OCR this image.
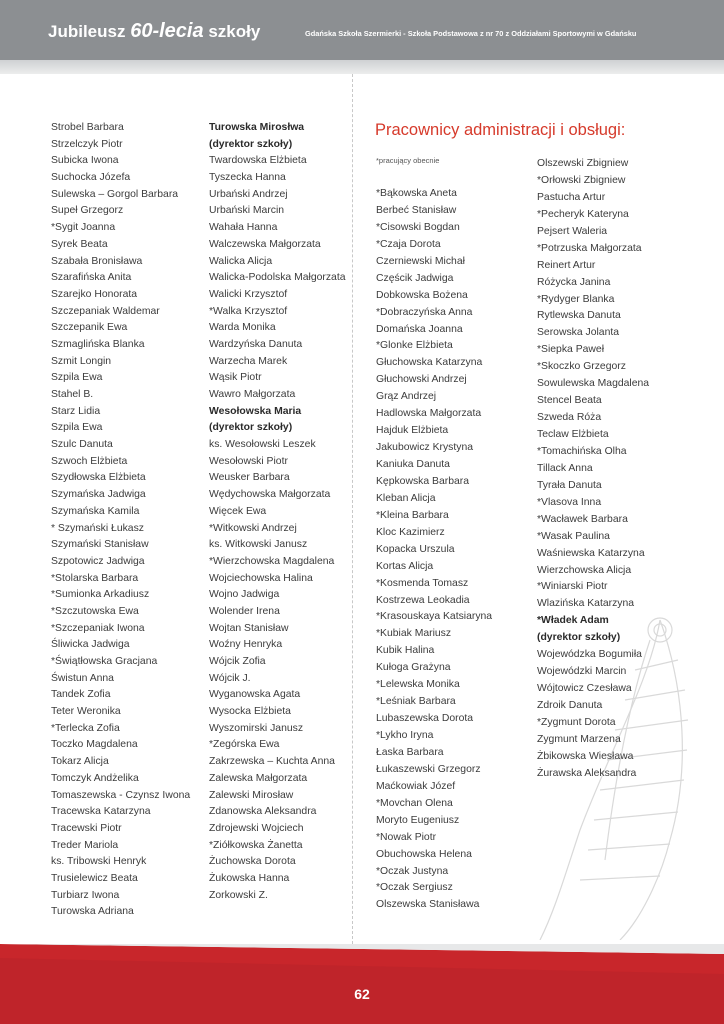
Jubileusz 60-lecia szkoły	Gdańska Szkoła Szermierki - Szkoła Podstawowa z nr 70 z Oddziałami Sportowymi w Gdańsku
Strobel Barbara
Strzelczyk Piotr
Subicka Iwona
Suchocka Józefa
Sulewska – Gorgol Barbara
Supeł Grzegorz
*Sygit Joanna
Syrek Beata
Szabała Bronisława
Szarafińska Anita
Szarejko Honorata
Szczepaniak Waldemar
Szczepanik Ewa
Szmaglińska Blanka
Szmit Longin
Szpila Ewa
Stahel B.
Starz Lidia
Szpila Ewa
Szulc Danuta
Szwoch Elżbieta
Szydłowska Elżbieta
Szymańska Jadwiga
Szymańska Kamila
* Szymański Łukasz
Szymański Stanisław
Szpotowicz Jadwiga
*Stolarska Barbara
*Sumionka Arkadiusz
*Szczutowska Ewa
*Szczepaniak Iwona
Śliwicka Jadwiga
*Świątłowska Gracjana
Świstun Anna
Tandek Zofia
Teter Weronika
*Terlecka Zofia
Toczko Magdalena
Tokarz Alicja
Tomczyk Andżelika
Tomaszewska - Czynsz Iwona
Tracewska Katarzyna
Tracewski Piotr
Treder Mariola
ks. Tribowski Henryk
Trusielewicz Beata
Turbiarz Iwona
Turowska Adriana
Turowska Mirosłwa
(dyrektor szkoły)
Twardowska Elżbieta
Tyszecka Hanna
Urbański Andrzej
Urbański Marcin
Wahała Hanna
Walczewska Małgorzata
Walicka Alicja
Walicka-Podolska Małgorzata
Walicki Krzysztof
*Walka Krzysztof
Warda Monika
Wardzyńska Danuta
Warzecha Marek
Wąsik Piotr
Wawro Małgorzata
Wesołowska Maria
(dyrektor szkoły)
ks. Wesołowski Leszek
Wesołowski Piotr
Weusker Barbara
Wędychowska Małgorzata
Więcek Ewa
*Witkowski Andrzej
ks. Witkowski Janusz
*Wierzchowska Magdalena
Wojciechowska Halina
Wojno Jadwiga
Wolender Irena
Wojtan Stanisław
Woźny Henryka
Wójcik Zofia
Wójcik J.
Wyganowska Agata
Wysocka Elżbieta
Wyszomirski Janusz
*Zegórska Ewa
Zakrzewska – Kuchta Anna
Zalewska Małgorzata
Zalewski Mirosław
Zdanowska Aleksandra
Zdrojewski Wojciech
*Ziółkowska Żanetta
Żuchowska Dorota
Żukowska Hanna
Zorkowski Z.
Pracownicy administracji i obsługi:
*pracujący obecnie
*Bąkowska Aneta
Berbeć Stanisław
*Cisowski Bogdan
*Czaja Dorota
Czerniewski Michał
Częścik Jadwiga
Dobkowska Bożena
*Dobraczyńska Anna
Domańska Joanna
*Glonke Elżbieta
Głuchowska Katarzyna
Głuchowski Andrzej
Grąz Andrzej
Hadlowska Małgorzata
Hajduk Elżbieta
Jakubowicz Krystyna
Kaniuka Danuta
Kępkowska Barbara
Kleban Alicja
*Kleina Barbara
Kloc Kazimierz
Kopacka Urszula
Kortas Alicja
*Kosmenda Tomasz
Kostrzewa Leokadia
*Krasouskaya Katsiaryna
*Kubiak Mariusz
Kubik Halina
Kułoga Grażyna
*Lelewska Monika
*Leśniak Barbara
Lubaszewska Dorota
*Lykho Iryna
Łaska Barbara
Łukaszewski Grzegorz
Maćkowiak Józef
*Movchan Olena
Moryto Eugeniusz
*Nowak Piotr
Obuchowska Helena
*Oczak Justyna
*Oczak Sergiusz
Olszewska Stanisława
Olszewski Zbigniew
*Orłowski Zbigniew
Pastucha Artur
*Pecheryk Kateryna
Pejsert Waleria
*Potrzuska Małgorzata
Reinert Artur
Różycka Janina
*Rydyger Blanka
Rytlewska Danuta
Serowska Jolanta
*Siepka Paweł
*Skoczko Grzegorz
Sowulewska Magdalena
Stencel Beata
Szweda Róża
Teclaw Elżbieta
*Tomachińska Olha
Tillack Anna
Tyrała Danuta
*Vlasova Inna
*Wacławek Barbara
*Wasak Paulina
Waśniewska Katarzyna
Wierzchowska Alicja
*Winiarski Piotr
Wlazińska Katarzyna
*Władek Adam
(dyrektor szkoły)
Wojewódzka Bogumiła
Wojewódzki Marcin
Wójtowicz Czesława
Zdroik Danuta
*Zygmunt Dorota
Zygmunt Marzena
Żbikowska Wiesława
Żurawska Aleksandra
62
